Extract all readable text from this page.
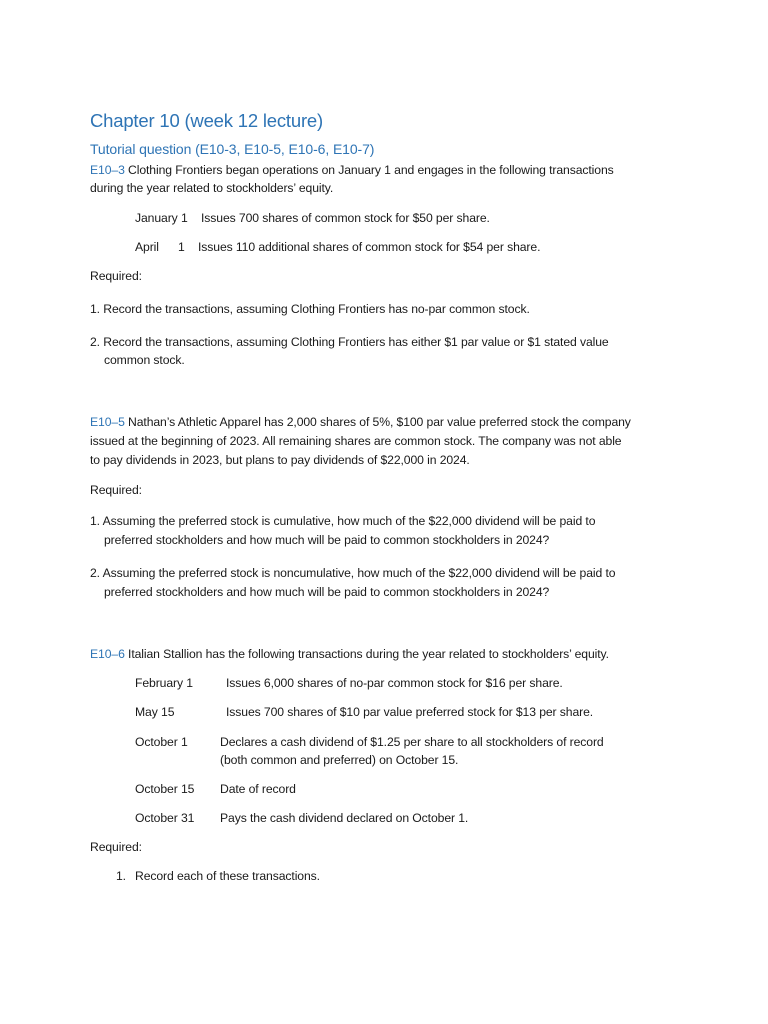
Chapter 10 (week 12 lecture)
Tutorial question (E10-3, E10-5, E10-6, E10-7)
E10–3 Clothing Frontiers began operations on January 1 and engages in the following transactions
during the year related to stockholders’ equity.
January 1 Issues 700 shares of common stock for $50 per share.
April 1 Issues 110 additional shares of common stock for $54 per share.
Required:
1. Record the transactions, assuming Clothing Frontiers has no-par common stock.
2. Record the transactions, assuming Clothing Frontiers has either $1 par value or $1 stated value
common stock.
E10–5 Nathan’s Athletic Apparel has 2,000 shares of 5%, $100 par value preferred stock the company
issued at the beginning of 2023. All remaining shares are common stock. The company was not able
to pay dividends in 2023, but plans to pay dividends of $22,000 in 2024.
Required:
1. Assuming the preferred stock is cumulative, how much of the $22,000 dividend will be paid to
preferred stockholders and how much will be paid to common stockholders in 2024?
2. Assuming the preferred stock is noncumulative, how much of the $22,000 dividend will be paid to
preferred stockholders and how much will be paid to common stockholders in 2024?
E10–6 Italian Stallion has the following transactions during the year related to stockholders’ equity.
February 1	Issues 6,000 shares of no-par common stock for $16 per share.
May 15	Issues 700 shares of $10 par value preferred stock for $13 per share.
October 1	Declares a cash dividend of $1.25 per share to all stockholders of record
(both common and preferred) on October 15.
October 15 Date of record
October 31 Pays the cash dividend declared on October 1.
Required:
1. Record each of these transactions.
